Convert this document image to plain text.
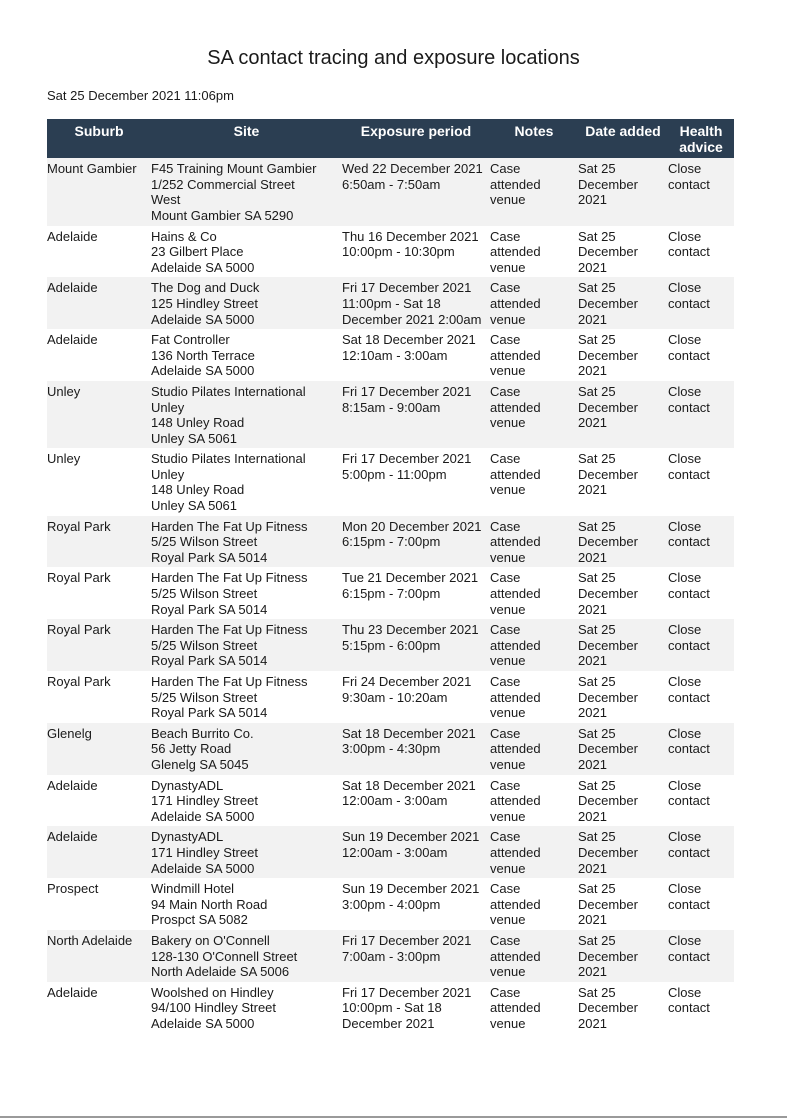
SA contact tracing and exposure locations
Sat 25 December 2021 11:06pm
Suburb	Site	Exposure period	Notes	Date added	Health advice
Mount Gambier	F45 Training Mount Gambier
1/252 Commercial Street
West
Mount Gambier SA 5290	Wed 22 December 2021 6:50am - 7:50am	Case attended venue	Sat 25 December 2021	Close contact
Adelaide	Hains & Co
23 Gilbert Place
Adelaide SA 5000	Thu 16 December 2021 10:00pm - 10:30pm	Case attended venue	Sat 25 December 2021	Close contact
Adelaide	The Dog and Duck
125 Hindley Street
Adelaide SA 5000	Fri 17 December 2021 11:00pm - Sat 18 December 2021 2:00am	Case attended venue	Sat 25 December 2021	Close contact
Adelaide	Fat Controller
136 North Terrace
Adelaide SA 5000	Sat 18 December 2021 12:10am - 3:00am	Case attended venue	Sat 25 December 2021	Close contact
Unley	Studio Pilates International
Unley
148 Unley Road
Unley SA 5061	Fri 17 December 2021 8:15am - 9:00am	Case attended venue	Sat 25 December 2021	Close contact
Unley	Studio Pilates International
Unley
148 Unley Road
Unley SA 5061	Fri 17 December 2021 5:00pm - 11:00pm	Case attended venue	Sat 25 December 2021	Close contact
Royal Park	Harden The Fat Up Fitness
5/25 Wilson Street
Royal Park SA 5014	Mon 20 December 2021 6:15pm - 7:00pm	Case attended venue	Sat 25 December 2021	Close contact
Royal Park	Harden The Fat Up Fitness
5/25 Wilson Street
Royal Park SA 5014	Tue 21 December 2021 6:15pm - 7:00pm	Case attended venue	Sat 25 December 2021	Close contact
Royal Park	Harden The Fat Up Fitness
5/25 Wilson Street
Royal Park SA 5014	Thu 23 December 2021 5:15pm - 6:00pm	Case attended venue	Sat 25 December 2021	Close contact
Royal Park	Harden The Fat Up Fitness
5/25 Wilson Street
Royal Park SA 5014	Fri 24 December 2021 9:30am - 10:20am	Case attended venue	Sat 25 December 2021	Close contact
Glenelg	Beach Burrito Co.
56 Jetty Road
Glenelg SA 5045	Sat 18 December 2021 3:00pm - 4:30pm	Case attended venue	Sat 25 December 2021	Close contact
Adelaide	DynastyADL
171 Hindley Street
Adelaide SA 5000	Sat 18 December 2021 12:00am - 3:00am	Case attended venue	Sat 25 December 2021	Close contact
Adelaide	DynastyADL
171 Hindley Street
Adelaide SA 5000	Sun 19 December 2021 12:00am - 3:00am	Case attended venue	Sat 25 December 2021	Close contact
Prospect	Windmill Hotel
94 Main North Road
Prospct SA 5082	Sun 19 December 2021 3:00pm - 4:00pm	Case attended venue	Sat 25 December 2021	Close contact
North Adelaide	Bakery on O'Connell
128-130 O'Connell Street
North Adelaide SA 5006	Fri 17 December 2021 7:00am - 3:00pm	Case attended venue	Sat 25 December 2021	Close contact
Adelaide	Woolshed on Hindley
94/100 Hindley Street
Adelaide SA 5000	Fri 17 December 2021 10:00pm - Sat 18 December 2021	Case attended venue	Sat 25 December 2021	Close contact
